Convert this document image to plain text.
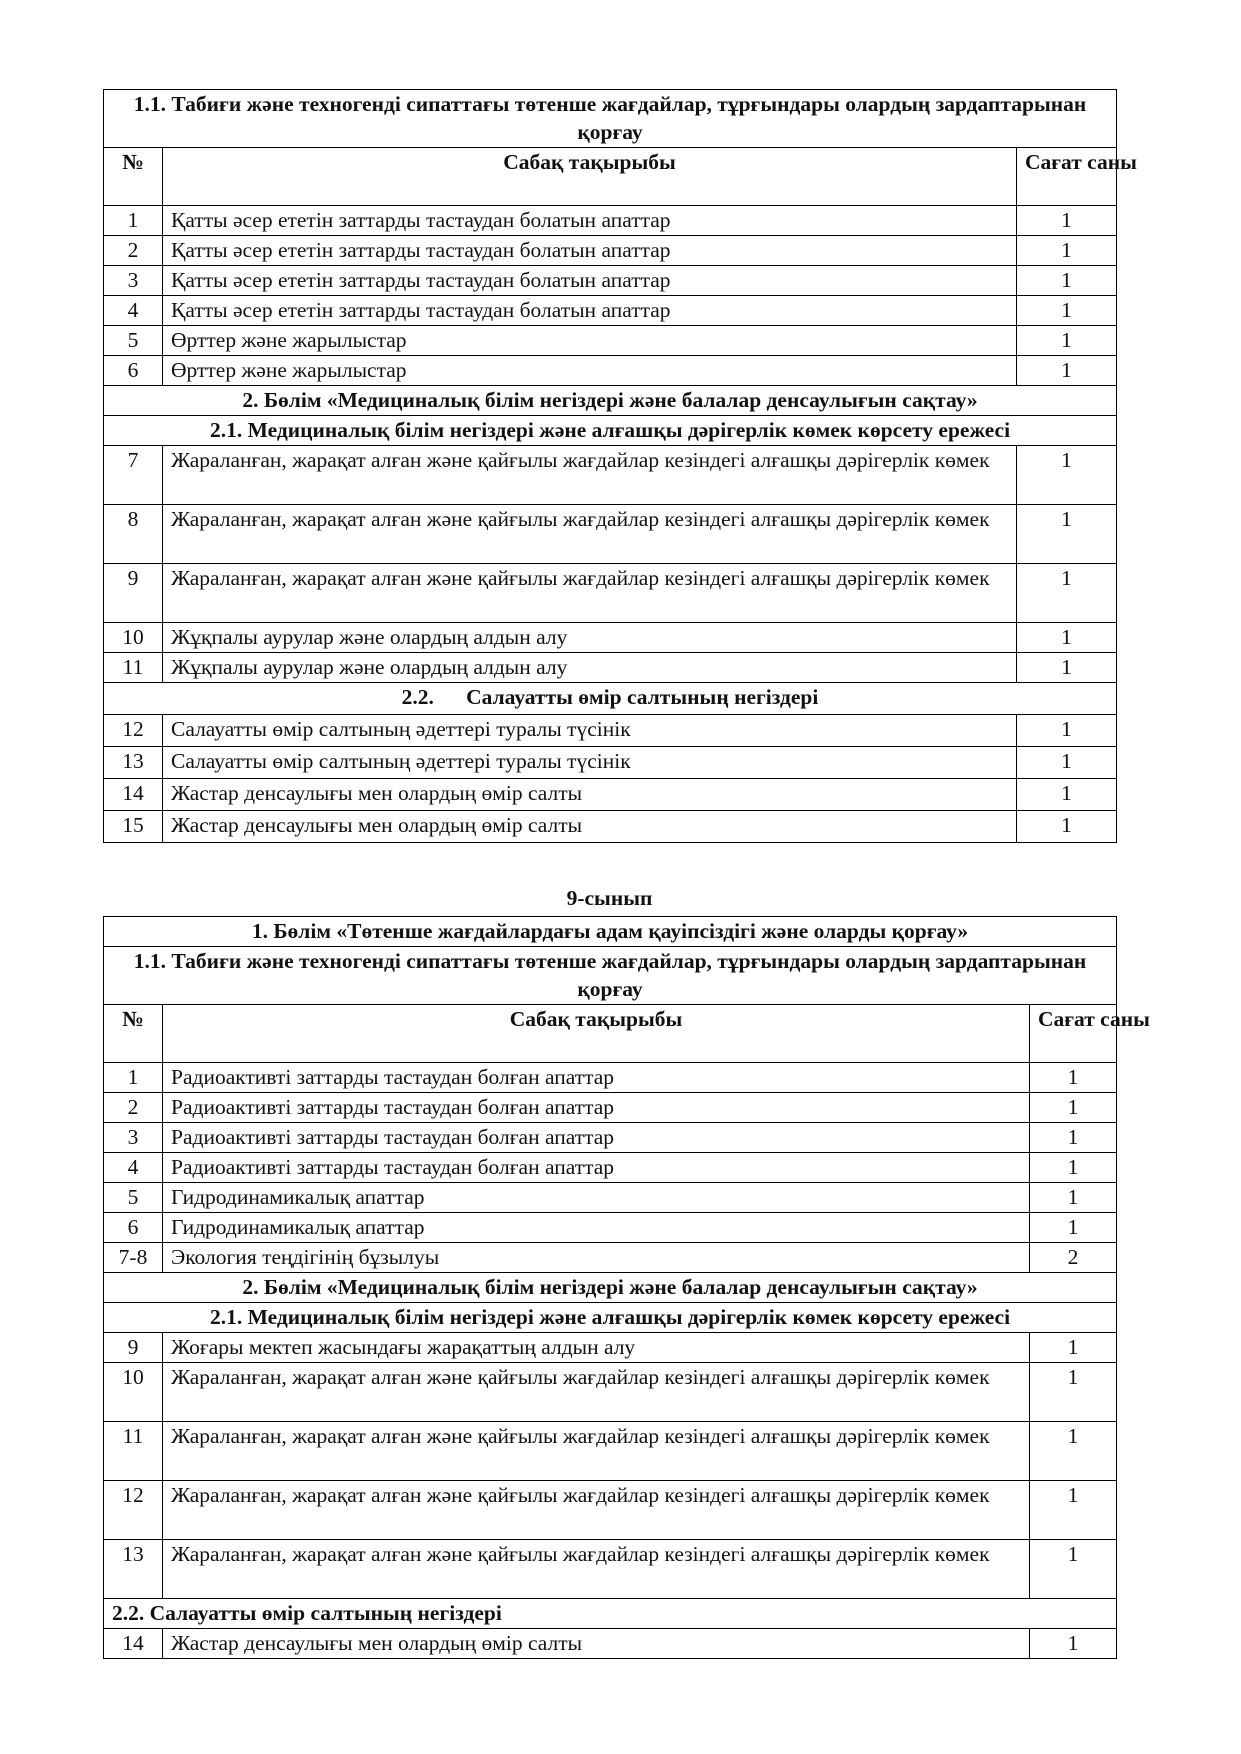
1.1. Табиғи және техногенді сипаттағы төтенше жағдайлар, тұрғындары олардың зардаптарынан қорғау		
№	Сабақ тақырыбы	Сағат саны
1	Қатты әсер ететін заттарды тастаудан болатын апаттар	1
2	Қатты әсер ететін заттарды тастаудан болатын апаттар	1
3	Қатты әсер ететін заттарды тастаудан болатын апаттар	1
4	Қатты әсер ететін заттарды тастаудан болатын апаттар	1
5	Өрттер және жарылыстар	1
6	Өрттер және жарылыстар	1
2. Бөлім «Медициналық білім негіздері және балалар денсаулығын сақтау»		
2.1. Медициналық білім негіздері және алғашқы дәрігерлік көмек көрсету ережесі		
7	Жараланған, жарақат алған және қайғылы жағдайлар кезіндегі алғашқы дәрігерлік көмек	1
8	Жараланған, жарақат алған және қайғылы жағдайлар кезіндегі алғашқы дәрігерлік көмек	1
9	Жараланған, жарақат алған және қайғылы жағдайлар кезіндегі алғашқы дәрігерлік көмек	1
10	Жұқпалы аурулар және олардың алдын алу	1
11	Жұқпалы аурулар және олардың алдын алу	1
2.2.      Салауатты өмір салтының негіздері		
12	Салауатты өмір салтының әдеттері туралы түсінік	1
13	Салауатты өмір салтының әдеттері туралы түсінік	1
14	Жастар денсаулығы мен олардың өмір салты	1
15	Жастар денсаулығы мен олардың өмір салты	1
9-сынып
1. Бөлім «Төтенше жағдайлардағы адам қауіпсіздігі және оларды қорғау»		
1.1. Табиғи және техногенді сипаттағы төтенше жағдайлар, тұрғындары олардың зардаптарынан қорғау		
№	Сабақ тақырыбы	Сағат саны
1	Радиоактивті заттарды тастаудан болған апаттар	1
2	Радиоактивті заттарды тастаудан болған апаттар	1
3	Радиоактивті заттарды тастаудан болған апаттар	1
4	Радиоактивті заттарды тастаудан болған апаттар	1
5	Гидродинамикалық апаттар	1
6	Гидродинамикалық апаттар	1
7-8	Экология теңдігінің бұзылуы	2
2. Бөлім «Медициналық білім негіздері және балалар денсаулығын сақтау»		
2.1. Медициналық білім негіздері және алғашқы дәрігерлік көмек көрсету ережесі		
9	Жоғары мектеп жасындағы жарақаттың алдын алу	1
10	Жараланған, жарақат алған және қайғылы жағдайлар кезіндегі алғашқы дәрігерлік көмек	1
11	Жараланған, жарақат алған және қайғылы жағдайлар кезіндегі алғашқы дәрігерлік көмек	1
12	Жараланған, жарақат алған және қайғылы жағдайлар кезіндегі алғашқы дәрігерлік көмек	1
13	Жараланған, жарақат алған және қайғылы жағдайлар кезіндегі алғашқы дәрігерлік көмек	1
2.2. Салауатты өмір салтының негіздері		
14	Жастар денсаулығы мен олардың өмір салты	1
